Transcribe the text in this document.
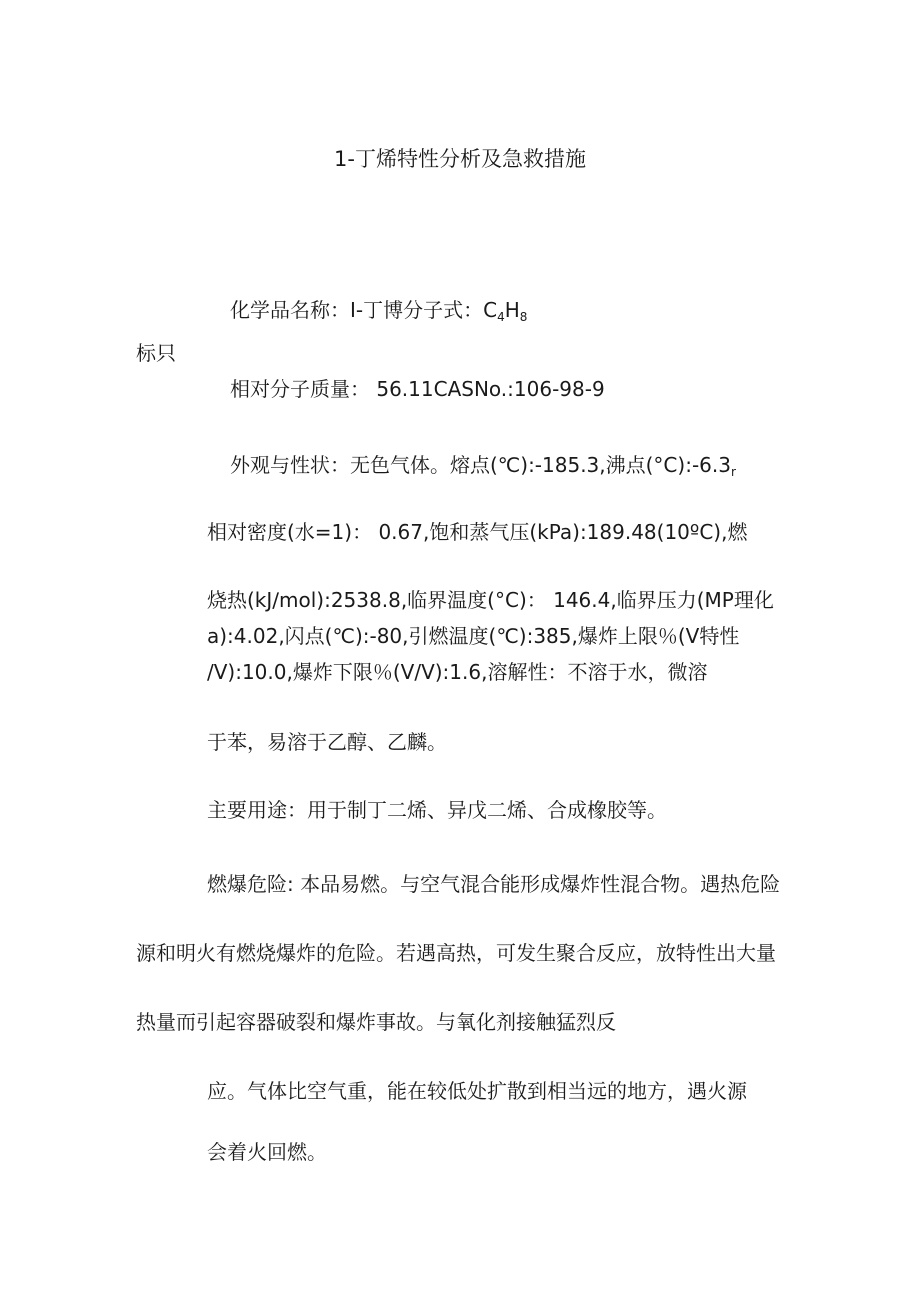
1-丁烯特性分析及急救措施
化学品名称：I-丁博分子式：$C_4H_8$
标只
相对分子质量： 56.11CASNo.:106-98-9
外观与性状：无色气体。熔点(℃):-185.3,沸点$(^\circ C):-6.3_r$
相对密度(水=1)： 0.67,饱和蒸气压(kPa):189.48(10ºC),燃
烧热(kJ∕mol):2538.8,临界温度(°C)： 146.4,临界压力(MP理化
a):4.02,闪点(℃):-80,引燃温度(℃):385,爆炸上限％(V特性
/V):10.0,爆炸下限％(V/V):1.6,溶解性：不溶于水，微溶
于苯，易溶于乙醇、乙麟。
主要用途：用于制丁二烯、异戊二烯、合成橡胶等。
燃爆危险: 本品易燃。与空气混合能形成爆炸性混合物。遇热危险
源和明火有燃烧爆炸的危险。若遇高热，可发生聚合反应，放特性出大量
热量而引起容器破裂和爆炸事故。与氧化剂接触猛烈反
应。气体比空气重，能在较低处扩散到相当远的地方，遇火源
会着火回燃。
